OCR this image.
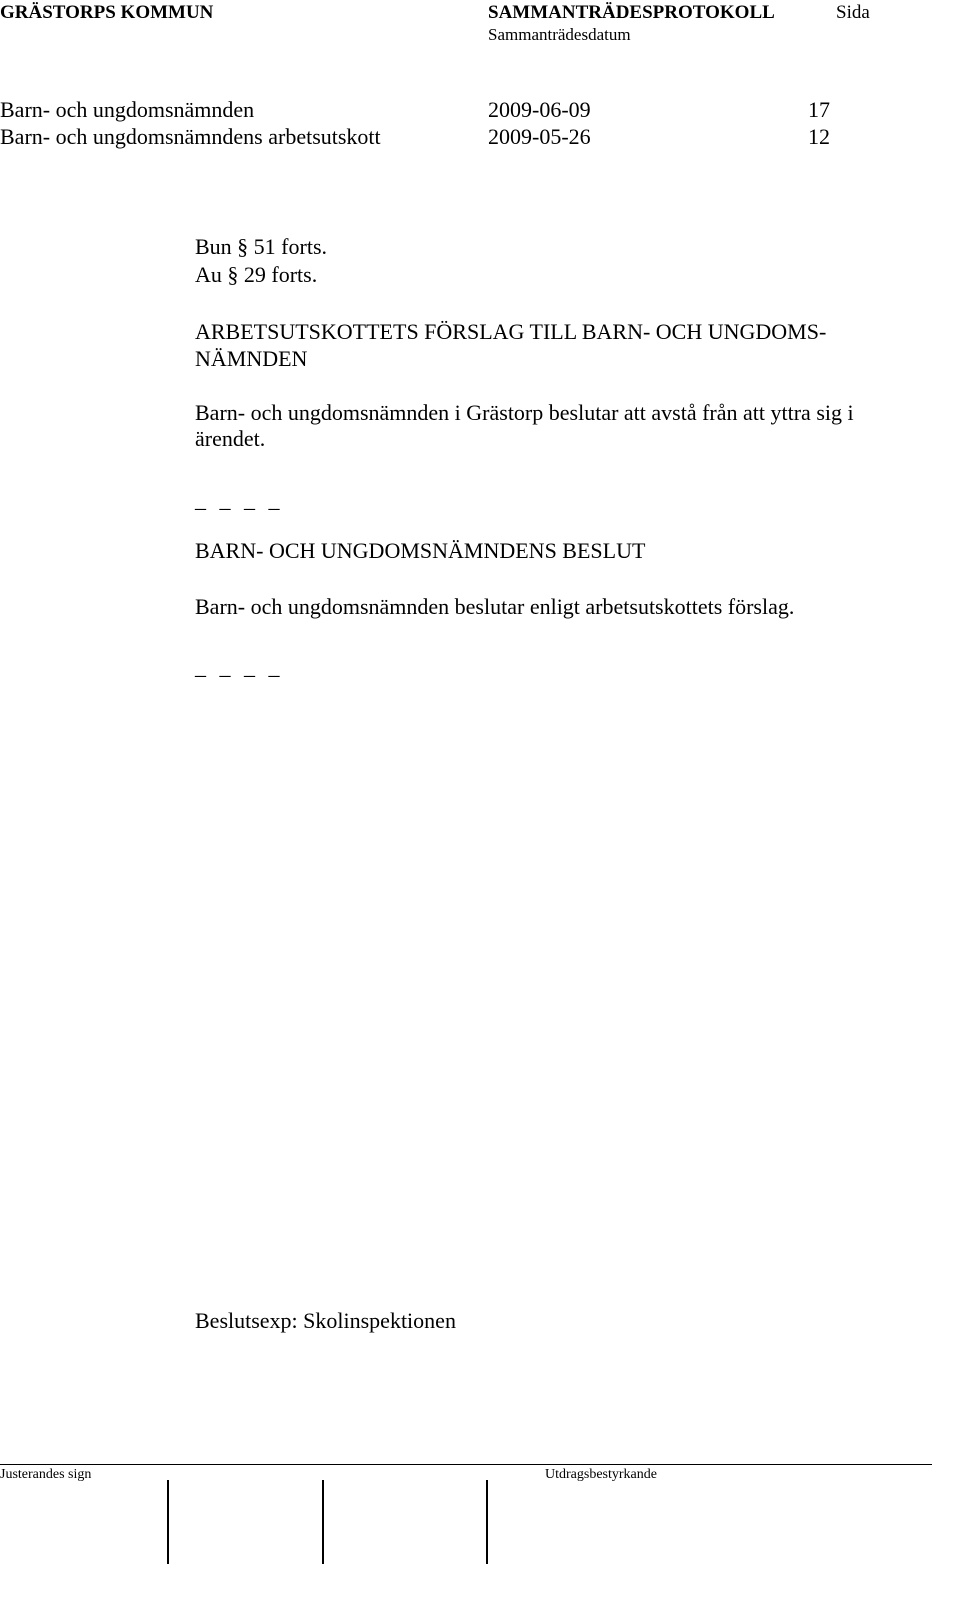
GRÄSTORPS KOMMUN	SAMMANTRÄDESPROTOKOLL	Sida
Sammanträdesdatum
Barn- och ungdomsnämnden	2009-06-09	17
Barn- och ungdomsnämndens arbetsutskott	2009-05-26	12
Bun § 51 forts.
Au § 29 forts.
ARBETSUTSKOTTETS FÖRSLAG TILL BARN- OCH UNGDOMS-
NÄMNDEN
Barn- och ungdomsnämnden i Grästorp beslutar att avstå från att yttra sig i
ärendet.
_ _ _ _
BARN- OCH UNGDOMSNÄMNDENS BESLUT
Barn- och ungdomsnämnden beslutar enligt arbetsutskottets förslag.
_ _ _ _
Beslutsexp: Skolinspektionen
Justerandes sign	Utdragsbestyrkande
